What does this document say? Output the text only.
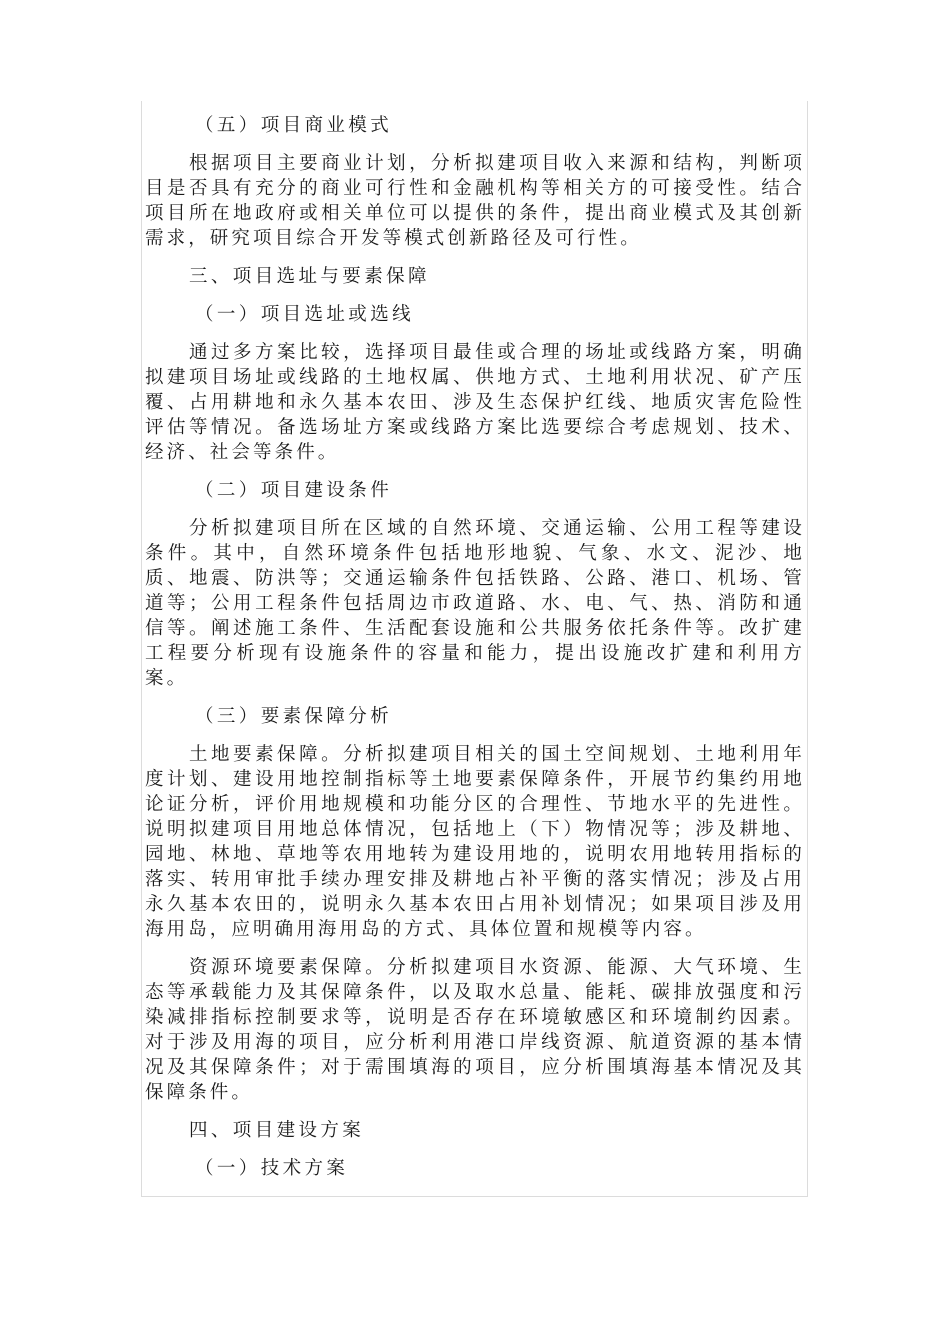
（五）项目商业模式

根据项目主要商业计划，分析拟建项目收入来源和结构，判断项目是否具有充分的商业可行性和金融机构等相关方的可接受性。结合项目所在地政府或相关单位可以提供的条件，提出商业模式及其创新需求，研究项目综合开发等模式创新路径及可行性。

三、项目选址与要素保障
（一）项目选址或选线

通过多方案比较，选择项目最佳或合理的场址或线路方案，明确拟建项目场址或线路的土地权属、供地方式、土地利用状况、矿产压覆、占用耕地和永久基本农田、涉及生态保护红线、地质灾害危险性评估等情况。备选场址方案或线路方案比选要综合考虑规划、技术、经济、社会等条件。

（二）项目建设条件

分析拟建项目所在区域的自然环境、交通运输、公用工程等建设条件。其中，自然环境条件包括地形地貌、气象、水文、泥沙、地质、地震、防洪等；交通运输条件包括铁路、公路、港口、机场、管道等；公用工程条件包括周边市政道路、水、电、气、热、消防和通信等。阐述施工条件、生活配套设施和公共服务依托条件等。改扩建工程要分析现有设施条件的容量和能力，提出设施改扩建和利用方案。

（三）要素保障分析

土地要素保障。分析拟建项目相关的国土空间规划、土地利用年度计划、建设用地控制指标等土地要素保障条件，开展节约集约用地论证分析，评价用地规模和功能分区的合理性、节地水平的先进性。说明拟建项目用地总体情况，包括地上（下）物情况等；涉及耕地、园地、林地、草地等农用地转为建设用地的，说明农用地转用指标的落实、转用审批手续办理安排及耕地占补平衡的落实情况；涉及占用永久基本农田的，说明永久基本农田占用补划情况；如果项目涉及用海用岛，应明确用海用岛的方式、具体位置和规模等内容。

资源环境要素保障。分析拟建项目水资源、能源、大气环境、生态等承载能力及其保障条件，以及取水总量、能耗、碳排放强度和污染减排指标控制要求等，说明是否存在环境敏感区和环境制约因素。对于涉及用海的项目，应分析利用港口岸线资源、航道资源的基本情况及其保障条件；对于需围填海的项目，应分析围填海基本情况及其保障条件。

四、项目建设方案
（一）技术方案
